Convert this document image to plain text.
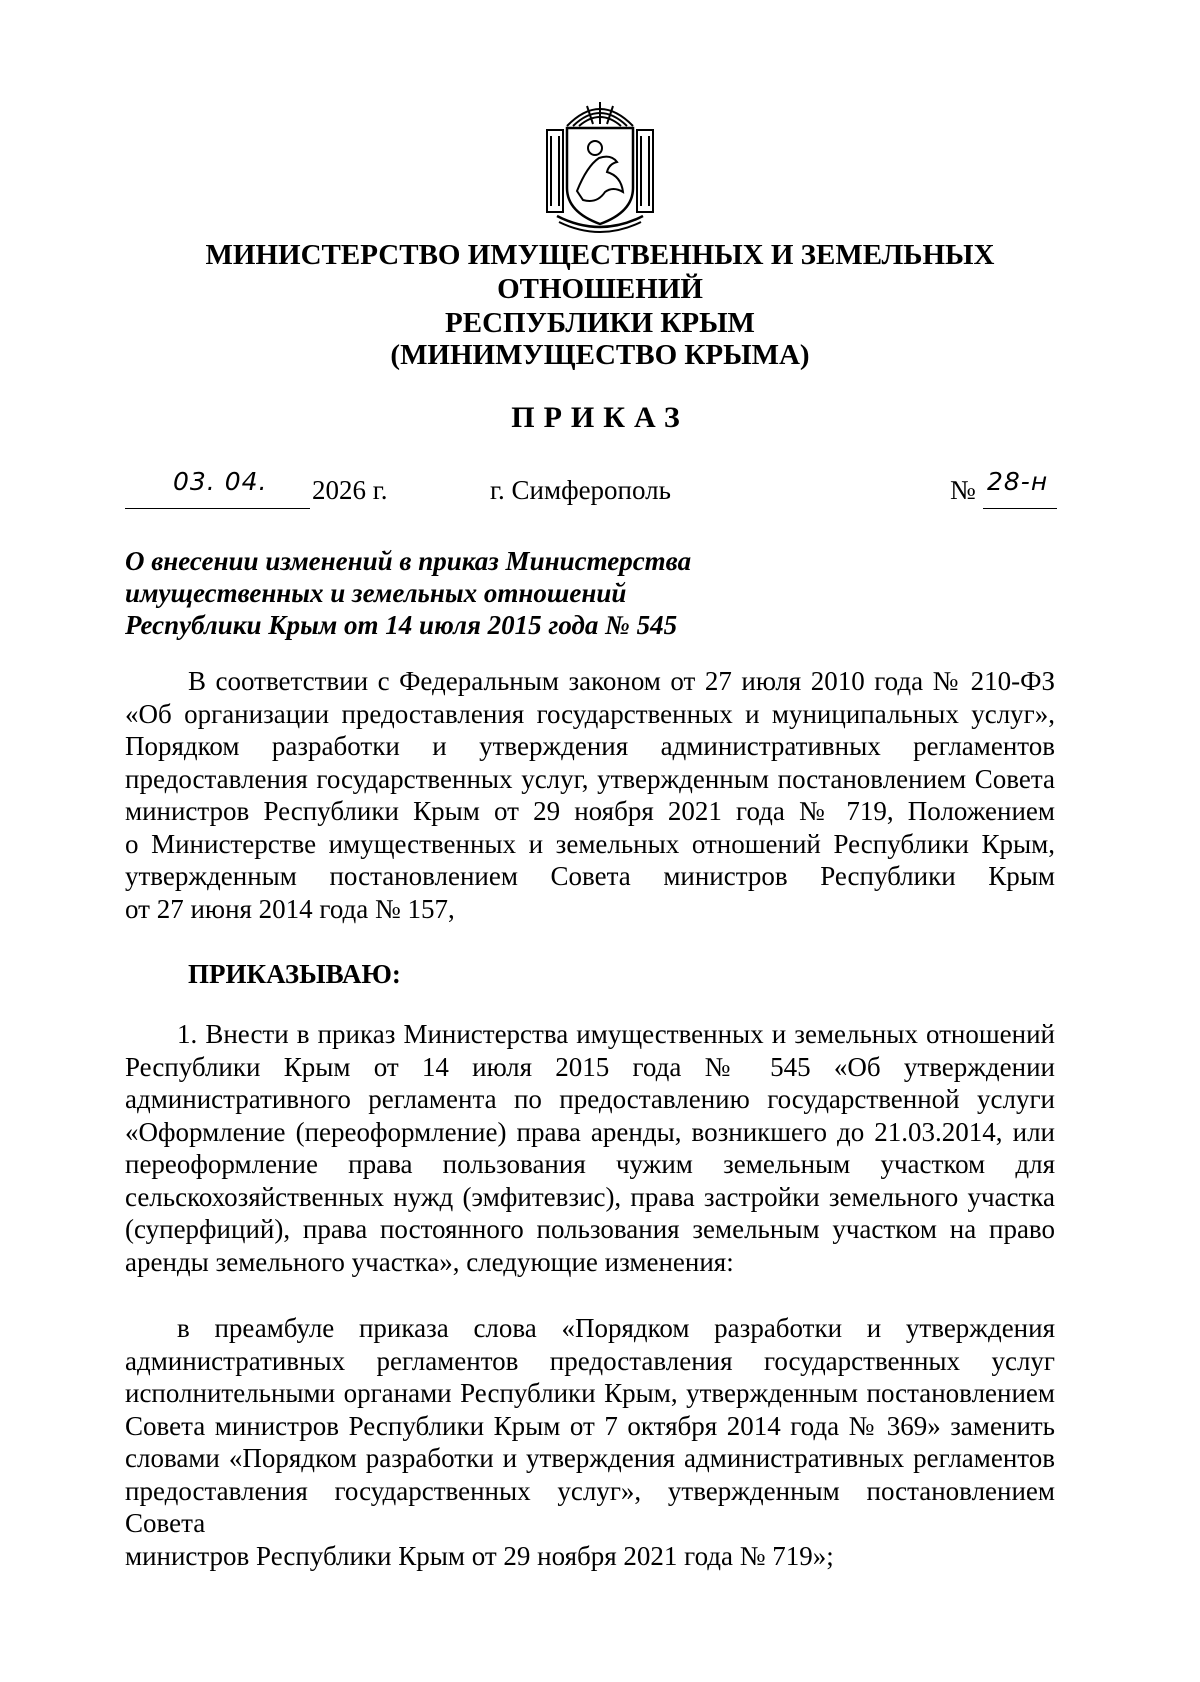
МИНИСТЕРСТВО ИМУЩЕСТВЕННЫХ И ЗЕМЕЛЬНЫХ ОТНОШЕНИЙ
РЕСПУБЛИКИ КРЫМ
(МИНИМУЩЕСТВО КРЫМА)
ПРИКАЗ
03. 04. 2026 г.	г. Симферополь	№ 28-н
О внесении изменений в приказ Министерства
имущественных и земельных отношений
Республики Крым от 14 июля 2015 года № 545
В соответствии с Федеральным законом от 27 июля 2010 года № 210-ФЗ
«Об организации предоставления государственных и муниципальных услуг»,
Порядком разработки и утверждения административных регламентов
предоставления государственных услуг, утвержденным постановлением Совета
министров Республики Крым от 29 ноября 2021 года № 719, Положением
о Министерстве имущественных и земельных отношений Республики Крым,
утвержденным постановлением Совета министров Республики Крым
от 27 июня 2014 года № 157,
ПРИКАЗЫВАЮ:
1. Внести в приказ Министерства имущественных и земельных отношений
Республики Крым от 14 июля 2015 года № 545 «Об утверждении
административного регламента по предоставлению государственной услуги
«Оформление (переоформление) права аренды, возникшего до 21.03.2014, или
переоформление права пользования чужим земельным участком для
сельскохозяйственных нужд (эмфитевзис), права застройки земельного участка
(суперфиций), права постоянного пользования земельным участком на право
аренды земельного участка», следующие изменения:
в преамбуле приказа слова «Порядком разработки и утверждения
административных регламентов предоставления государственных услуг
исполнительными органами Республики Крым, утвержденным постановлением
Совета министров Республики Крым от 7 октября 2014 года № 369» заменить
словами «Порядком разработки и утверждения административных регламентов
предоставления государственных услуг», утвержденным постановлением Совета
министров Республики Крым от 29 ноября 2021 года № 719»;
